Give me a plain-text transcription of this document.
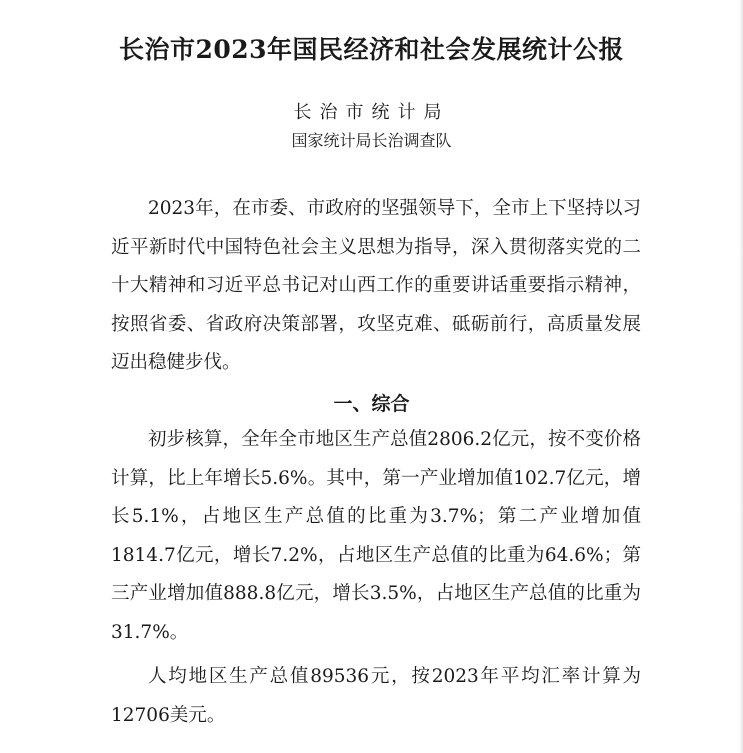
长治市2023年国民经济和社会发展统计公报
长治市统计局
国家统计局长治调查队

2023年，在市委、市政府的坚强领导下，全市上下坚持以习近平新时代中国特色社会主义思想为指导，深入贯彻落实党的二十大精神和习近平总书记对山西工作的重要讲话重要指示精神，按照省委、省政府决策部署，攻坚克难、砥砺前行，高质量发展迈出稳健步伐。

一、综合

初步核算，全年全市地区生产总值2806.2亿元，按不变价格计算，比上年增长5.6%。其中，第一产业增加值102.7亿元，增长5.1%，占地区生产总值的比重为3.7%；第二产业增加值1814.7亿元，增长7.2%，占地区生产总值的比重为64.6%；第三产业增加值888.8亿元，增长3.5%，占地区生产总值的比重为31.7%。

人均地区生产总值89536元，按2023年平均汇率计算为12706美元。
